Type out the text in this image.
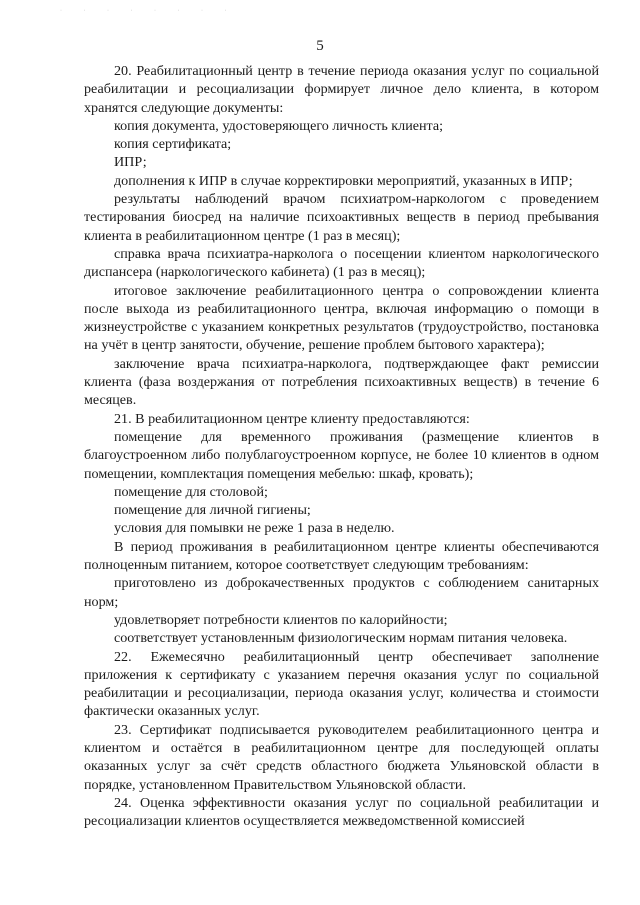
· · · · · · · ·
5

20. Реабилитационный центр в течение периода оказания услуг по социальной реабилитации и ресоциализации формирует личное дело клиента, в котором хранятся следующие документы:

копия документа, удостоверяющего личность клиента;

копия сертификата;

ИПР;

дополнения к ИПР в случае корректировки мероприятий, указанных в ИПР;

результаты наблюдений врачом психиатром-наркологом с проведением тестирования биосред на наличие психоактивных веществ в период пребывания клиента в реабилитационном центре (1 раз в месяц);

справка врача психиатра-нарколога о посещении клиентом наркологического диспансера (наркологического кабинета) (1 раз в месяц);

итоговое заключение реабилитационного центра о сопровождении клиента после выхода из реабилитационного центра, включая информацию о помощи в жизнеустройстве с указанием конкретных результатов (трудоустройство, постановка на учёт в центр занятости, обучение, решение проблем бытового характера);

заключение врача психиатра-нарколога, подтверждающее факт ремиссии клиента (фаза воздержания от потребления психоактивных веществ) в течение 6 месяцев.

21. В реабилитационном центре клиенту предоставляются:

помещение для временного проживания (размещение клиентов в благоустроенном либо полублагоустроенном корпусе, не более 10 клиентов в одном помещении, комплектация помещения мебелью: шкаф, кровать);

помещение для столовой;

помещение для личной гигиены;

условия для помывки не реже 1 раза в неделю.

В период проживания в реабилитационном центре клиенты обеспечиваются полноценным питанием, которое соответствует следующим требованиям:

приготовлено из доброкачественных продуктов с соблюдением санитарных норм;

удовлетворяет потребности клиентов по калорийности;

соответствует установленным физиологическим нормам питания человека.

22. Ежемесячно реабилитационный центр обеспечивает заполнение приложения к сертификату с указанием перечня оказания услуг по социальной реабилитации и ресоциализации, периода оказания услуг, количества и стоимости фактически оказанных услуг.

23. Сертификат подписывается руководителем реабилитационного центра и клиентом и остаётся в реабилитационном центре для последующей оплаты оказанных услуг за счёт средств областного бюджета Ульяновской области в порядке, установленном Правительством Ульяновской области.

24. Оценка эффективности оказания услуг по социальной реабилитации и ресоциализации клиентов осуществляется межведомственной комиссией
